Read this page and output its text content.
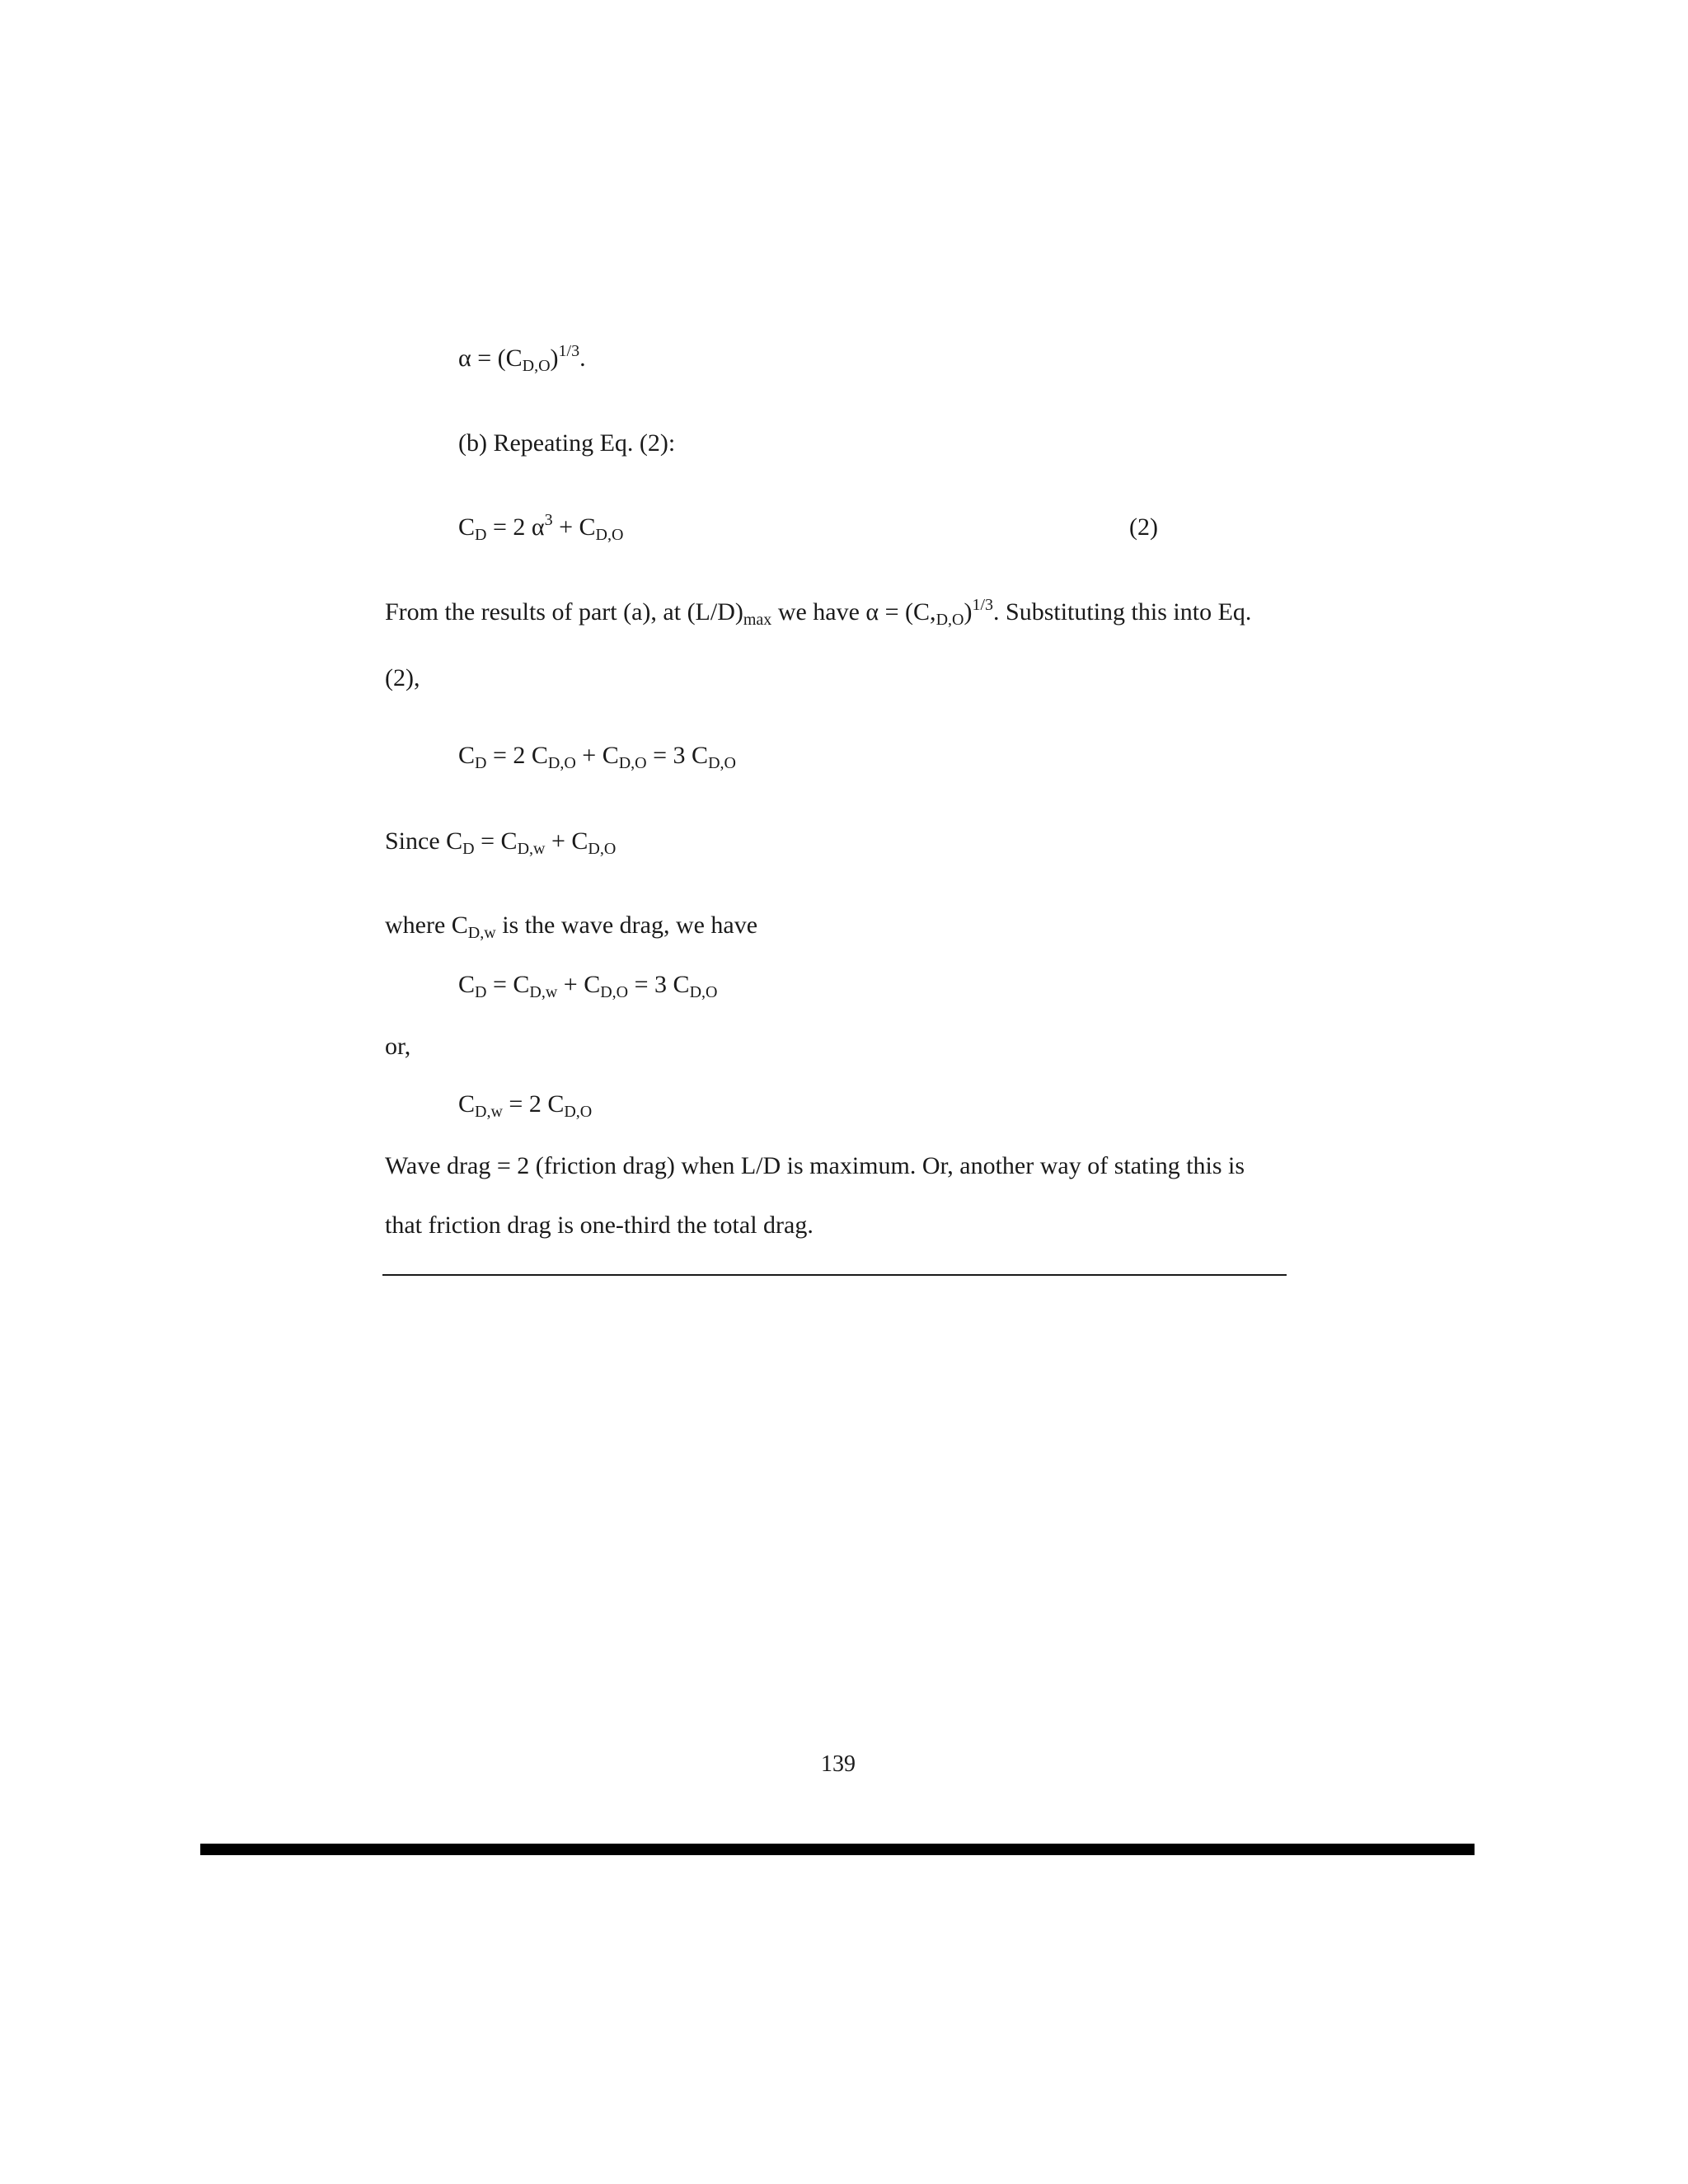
$\alpha = (C_{D,O})^{1/3}$.
(b) Repeating Eq. (2):
$C_D = 2$ $\alpha^3 + C_{D,O}$	(2)
From the results of part (a), at $(L/D)_{max}$ we have $\alpha = (C,_{D,O})^{1/3}$. Substituting this into Eq.
(2),
$C_D = 2$ $C_{D,O} + C_{D,O} = 3$ $C_{D,O}$
Since $C_D = C_{D,w} + C_{D,O}$
where $C_{D,w}$ is the wave drag, we have
$C_D = C_{D,w} + C_{D,O} = 3$ $C_{D,O}$
or,
$C_{D,w} = 2$ $C_{D,O}$
Wave drag = 2 (friction drag) when L/D is maximum. Or, another way of stating this is
that friction drag is one-third the total drag.
139
